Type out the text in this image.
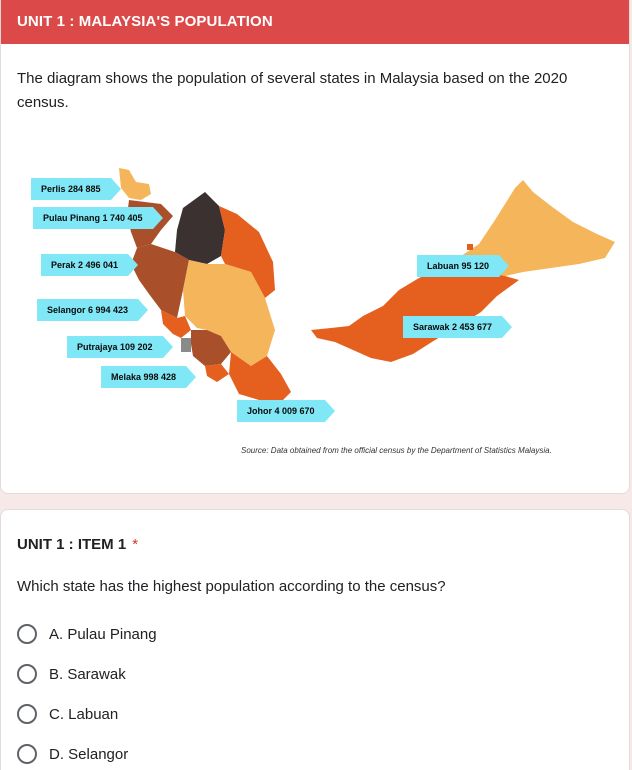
UNIT 1 : MALAYSIA'S POPULATION
The diagram shows the population of several states in Malaysia based on the 2020 census.
Perlis 284 885
Pulau Pinang 1 740 405
Perak 2 496 041
Selangor 6 994 423
Putrajaya 109 202
Melaka 998 428
Johor 4 009 670
Labuan 95 120
Sarawak 2 453 677
Source: Data obtained from the official census by the Department of Statistics Malaysia.
UNIT 1 : ITEM 1 *
Which state has the highest population according to the census?
A. Pulau Pinang
B. Sarawak
C. Labuan
D. Selangor
